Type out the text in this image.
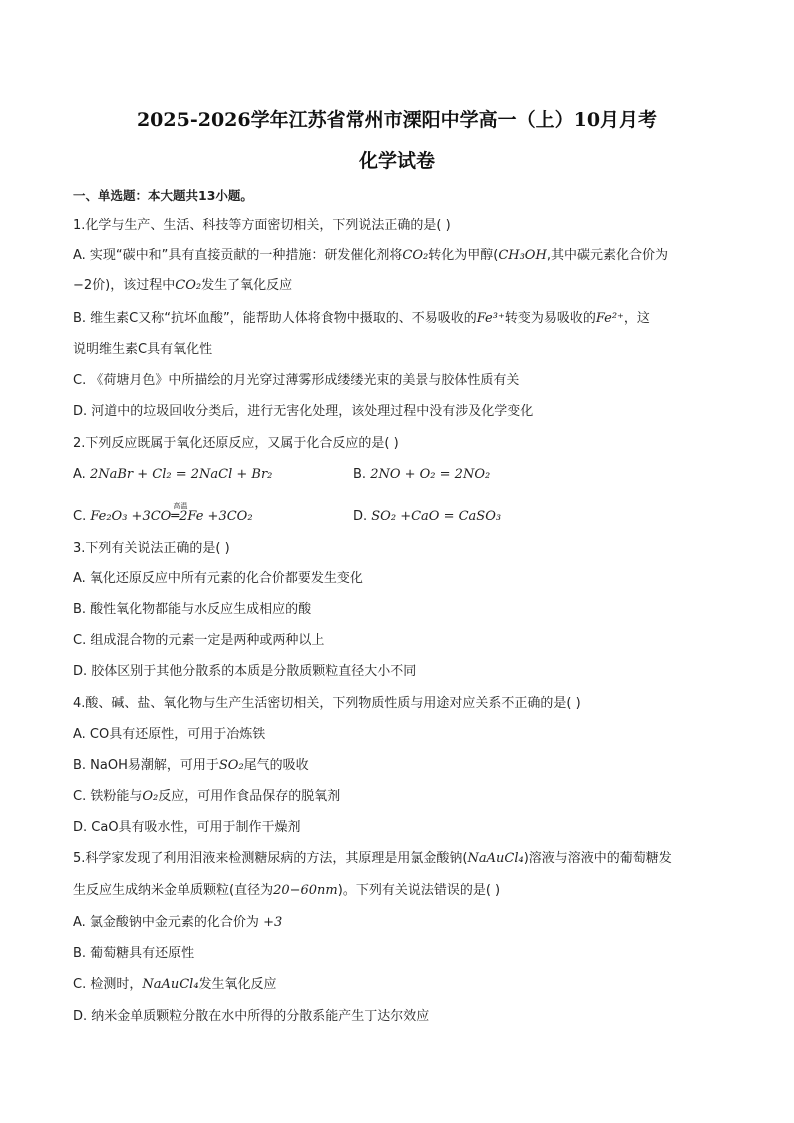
2025-2026学年江苏省常州市溧阳中学高一（上）10月月考
化学试卷
一、单选题：本大题共13小题。
1.化学与生产、生活、科技等方面密切相关，下列说法正确的是( )
A. 实现“碳中和”具有直接贡献的一种措施：研发催化剂将CO₂转化为甲醇(CH₃OH,其中碳元素化合价为
−2价)，该过程中CO₂发生了氧化反应
B. 维生素C又称“抗坏血酸”，能帮助人体将食物中摄取的、不易吸收的Fe³⁺转变为易吸收的Fe²⁺，这
说明维生素C具有氧化性
C. 《荷塘月色》中所描绘的月光穿过薄雾形成缕缕光束的美景与胶体性质有关
D. 河道中的垃圾回收分类后，进行无害化处理，该处理过程中没有涉及化学变化
2.下列反应既属于氧化还原反应，又属于化合反应的是( )
A. 2NaBr + Cl₂ = 2NaCl + Br₂	B. 2NO + O₂ = 2NO₂
C. Fe₂O₃ +3CO
高温
═2Fe +3CO₂	D. SO₂ +CaO = CaSO₃
3.下列有关说法正确的是( )
A. 氧化还原反应中所有元素的化合价都要发生变化
B. 酸性氧化物都能与水反应生成相应的酸
C. 组成混合物的元素一定是两种或两种以上
D. 胶体区别于其他分散系的本质是分散质颗粒直径大小不同
4.酸、碱、盐、氧化物与生产生活密切相关，下列物质性质与用途对应关系不正确的是( )
A. CO具有还原性，可用于冶炼铁
B. NaOH易潮解，可用于SO₂尾气的吸收
C. 铁粉能与O₂反应，可用作食品保存的脱氧剂
D. CaO具有吸水性，可用于制作干燥剂
5.科学家发现了利用泪液来检测糖尿病的方法，其原理是用氯金酸钠(NaAuCl₄)溶液与溶液中的葡萄糖发
生反应生成纳米金单质颗粒(直径为20−60nm)。下列有关说法错误的是( )
A. 氯金酸钠中金元素的化合价为 +3
B. 葡萄糖具有还原性
C. 检测时，NaAuCl₄发生氧化反应
D. 纳米金单质颗粒分散在水中所得的分散系能产生丁达尔效应
